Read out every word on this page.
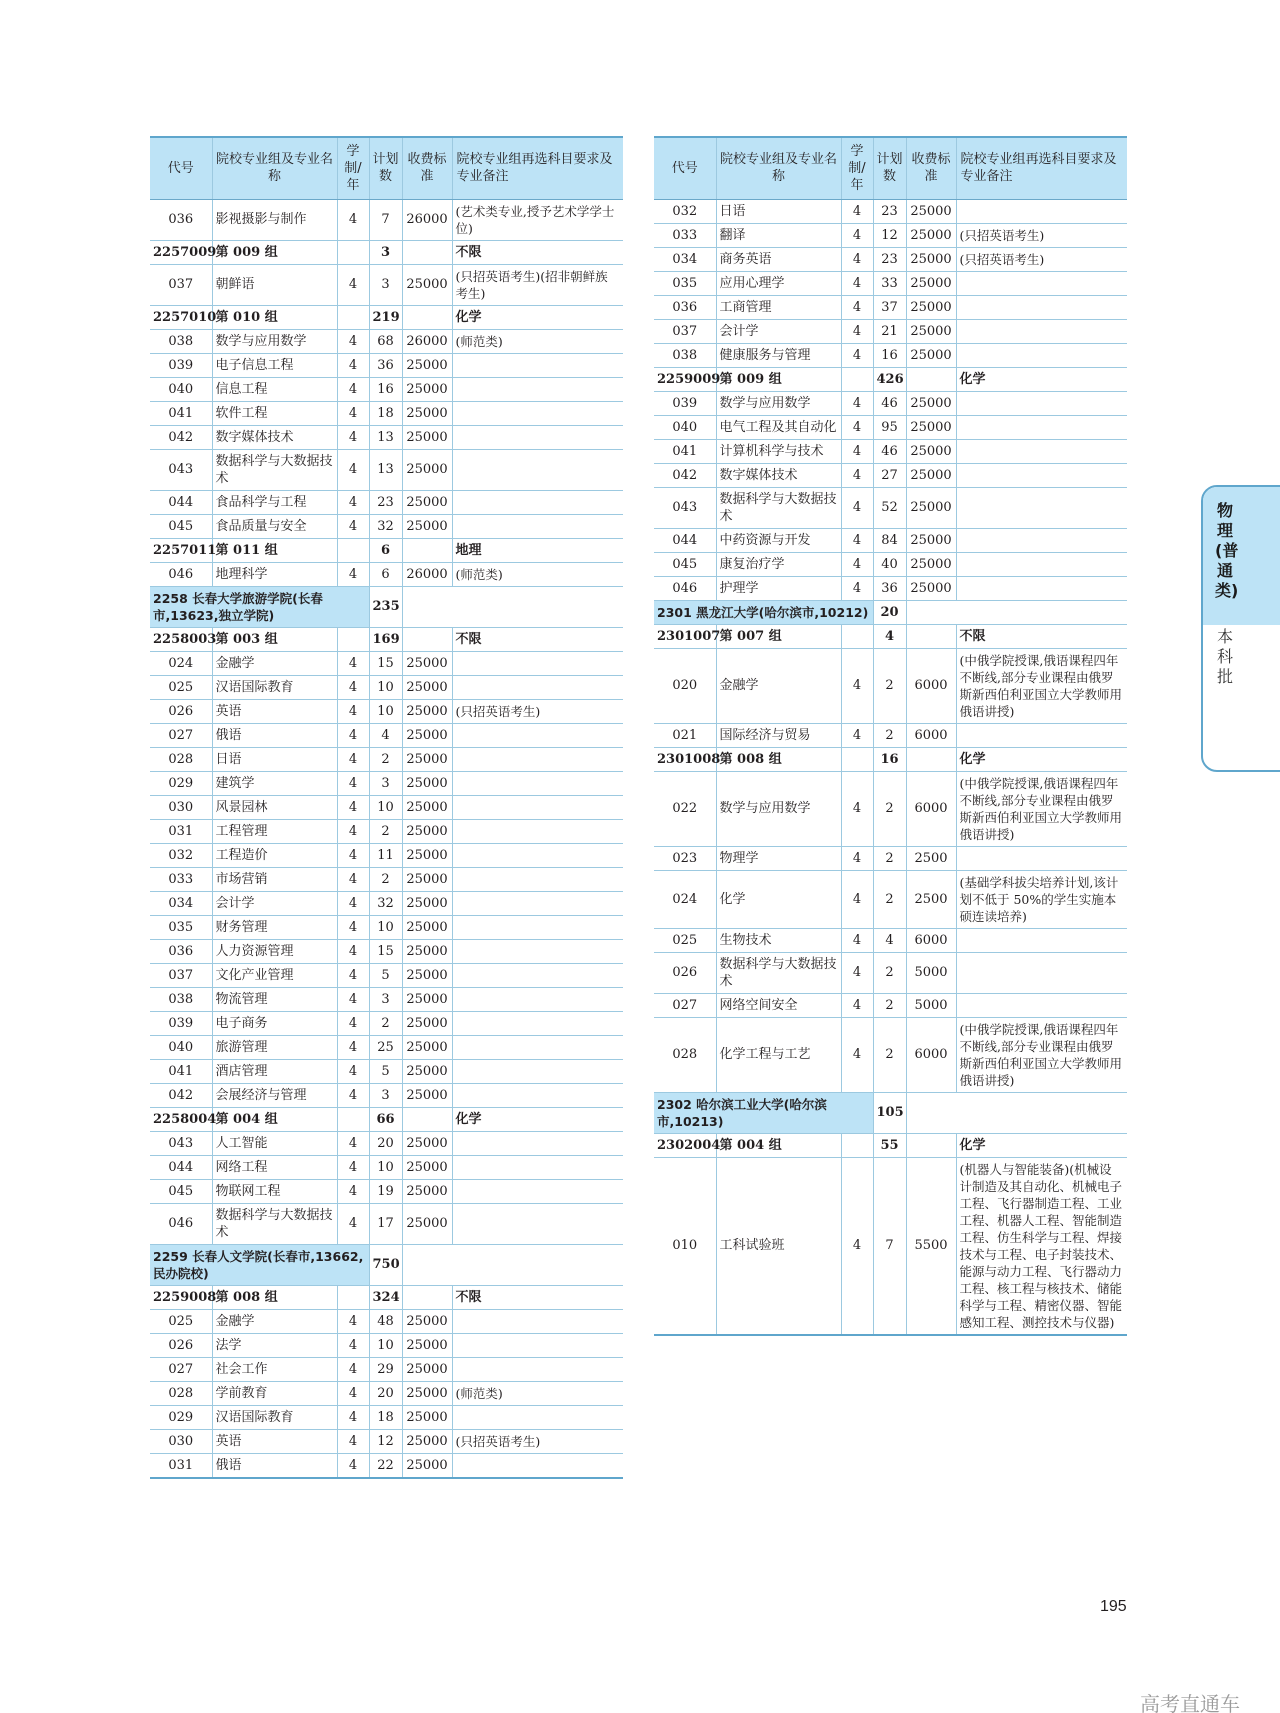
代号	院校专业组及专业名称	学制/年	计划数	收费标准	院校专业组再选科目要求及专业备注
036	影视摄影与制作	4	7	26000	(艺术类专业,授予艺术学学士位)
2257009	第 009 组		3		不限
037	朝鲜语	4	3	25000	(只招英语考生)(招非朝鲜族考生)
2257010	第 010 组		219		化学
038	数学与应用数学	4	68	26000	(师范类)
039	电子信息工程	4	36	25000	
040	信息工程	4	16	25000	
041	软件工程	4	18	25000	
042	数字媒体技术	4	13	25000	
043	数据科学与大数据技术	4	13	25000	
044	食品科学与工程	4	23	25000	
045	食品质量与安全	4	32	25000	
2257011	第 011 组		6		地理
046	地理科学	4	6	26000	(师范类)
2258 长春大学旅游学院(长春市,13623,独立学院)			235		
2258003	第 003 组		169		不限
024	金融学	4	15	25000	
025	汉语国际教育	4	10	25000	
026	英语	4	10	25000	(只招英语考生)
027	俄语	4	4	25000	
028	日语	4	2	25000	
029	建筑学	4	3	25000	
030	风景园林	4	10	25000	
031	工程管理	4	2	25000	
032	工程造价	4	11	25000	
033	市场营销	4	2	25000	
034	会计学	4	32	25000	
035	财务管理	4	10	25000	
036	人力资源管理	4	15	25000	
037	文化产业管理	4	5	25000	
038	物流管理	4	3	25000	
039	电子商务	4	2	25000	
040	旅游管理	4	25	25000	
041	酒店管理	4	5	25000	
042	会展经济与管理	4	3	25000	
2258004	第 004 组		66		化学
043	人工智能	4	20	25000	
044	网络工程	4	10	25000	
045	物联网工程	4	19	25000	
046	数据科学与大数据技术	4	17	25000	
2259 长春人文学院(长春市,13662,民办院校)			750		
2259008	第 008 组		324		不限
025	金融学	4	48	25000	
026	法学	4	10	25000	
027	社会工作	4	29	25000	
028	学前教育	4	20	25000	(师范类)
029	汉语国际教育	4	18	25000	
030	英语	4	12	25000	(只招英语考生)
031	俄语	4	22	25000	
代号	院校专业组及专业名称	学制/年	计划数	收费标准	院校专业组再选科目要求及专业备注
032	日语	4	23	25000	
033	翻译	4	12	25000	(只招英语考生)
034	商务英语	4	23	25000	(只招英语考生)
035	应用心理学	4	33	25000	
036	工商管理	4	37	25000	
037	会计学	4	21	25000	
038	健康服务与管理	4	16	25000	
2259009	第 009 组		426		化学
039	数学与应用数学	4	46	25000	
040	电气工程及其自动化	4	95	25000	
041	计算机科学与技术	4	46	25000	
042	数字媒体技术	4	27	25000	
043	数据科学与大数据技术	4	52	25000	
044	中药资源与开发	4	84	25000	
045	康复治疗学	4	40	25000	
046	护理学	4	36	25000	
2301 黑龙江大学(哈尔滨市,10212)			20		
2301007	第 007 组		4		不限
020	金融学	4	2	6000	(中俄学院授课,俄语课程四年不断线,部分专业课程由俄罗斯新西伯利亚国立大学教师用俄语讲授)
021	国际经济与贸易	4	2	6000	
2301008	第 008 组		16		化学
022	数学与应用数学	4	2	6000	(中俄学院授课,俄语课程四年不断线,部分专业课程由俄罗斯新西伯利亚国立大学教师用俄语讲授)
023	物理学	4	2	2500	
024	化学	4	2	2500	(基础学科拔尖培养计划,该计划不低于 50%的学生实施本硕连读培养)
025	生物技术	4	4	6000	
026	数据科学与大数据技术	4	2	5000	
027	网络空间安全	4	2	5000	
028	化学工程与工艺	4	2	6000	(中俄学院授课,俄语课程四年不断线,部分专业课程由俄罗斯新西伯利亚国立大学教师用俄语讲授)
2302 哈尔滨工业大学(哈尔滨市,10213)			105		
2302004	第 004 组		55		化学
010	工科试验班	4	7	5500	(机器人与智能装备)(机械设计制造及其自动化、机械电子工程、飞行器制造工程、工业工程、机器人工程、智能制造工程、仿生科学与工程、焊接技术与工程、电子封装技术、能源与动力工程、飞行器动力工程、核工程与核技术、储能科学与工程、精密仪器、智能感知工程、测控技术与仪器)
物理(普通类)
本科批
195
高考直通车
